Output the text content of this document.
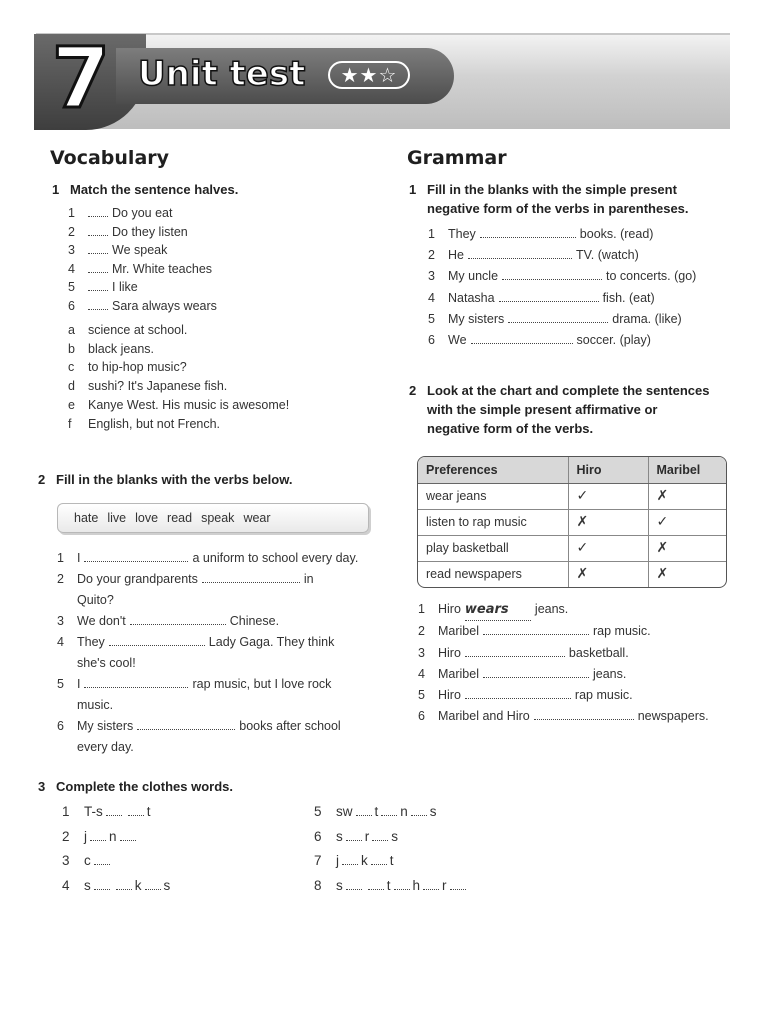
7 Unit test	★★☆
Vocabulary
1 Match the sentence halves.
1	Do you eat
2	Do they listen
3	We speak
4	Mr. White teaches
5	I like
6	Sara always wears
a	science at school.
b	black jeans.
c	to hip-hop music?
d	sushi? It's Japanese fish.
e	Kanye West. His music is awesome!
f	English, but not French.
2 Fill in the blanks with the verbs below.
hate live love read speak wear
1	I	a uniform to school every day.
2	Do your grandparents	in
Quito?
3	We don't	Chinese.
4	They	Lady Gaga. They think
she's cool!
5	I	rap music, but I love rock
music.
6	My sisters	books after school
every day.
3 Complete the clothes words.
1	T-s	t
2	j n
3	c
4	s	k s
5	sw t n s
6	s r s
7	j k t
8	s	t h r
Grammar
1 Fill in the blanks with the simple present
negative form of the verbs in parentheses.
1	They	books. (read)
2	He	TV. (watch)
3	My uncle	to concerts. (go)
4	Natasha	fish. (eat)
5	My sisters	drama. (like)
6	We	soccer. (play)
2 Look at the chart and complete the sentences
with the simple present affirmative or
negative form of the verbs.
Preferences	Hiro	Maribel
wear jeans	✓	✗
listen to rap music	✗	✓
play basketball	✓	✗
read newspapers	✗	✗
1	Hiro wears	jeans.
2	Maribel	rap music.
3	Hiro	basketball.
4	Maribel	jeans.
5	Hiro	rap music.
6	Maribel and Hiro	newspapers.
